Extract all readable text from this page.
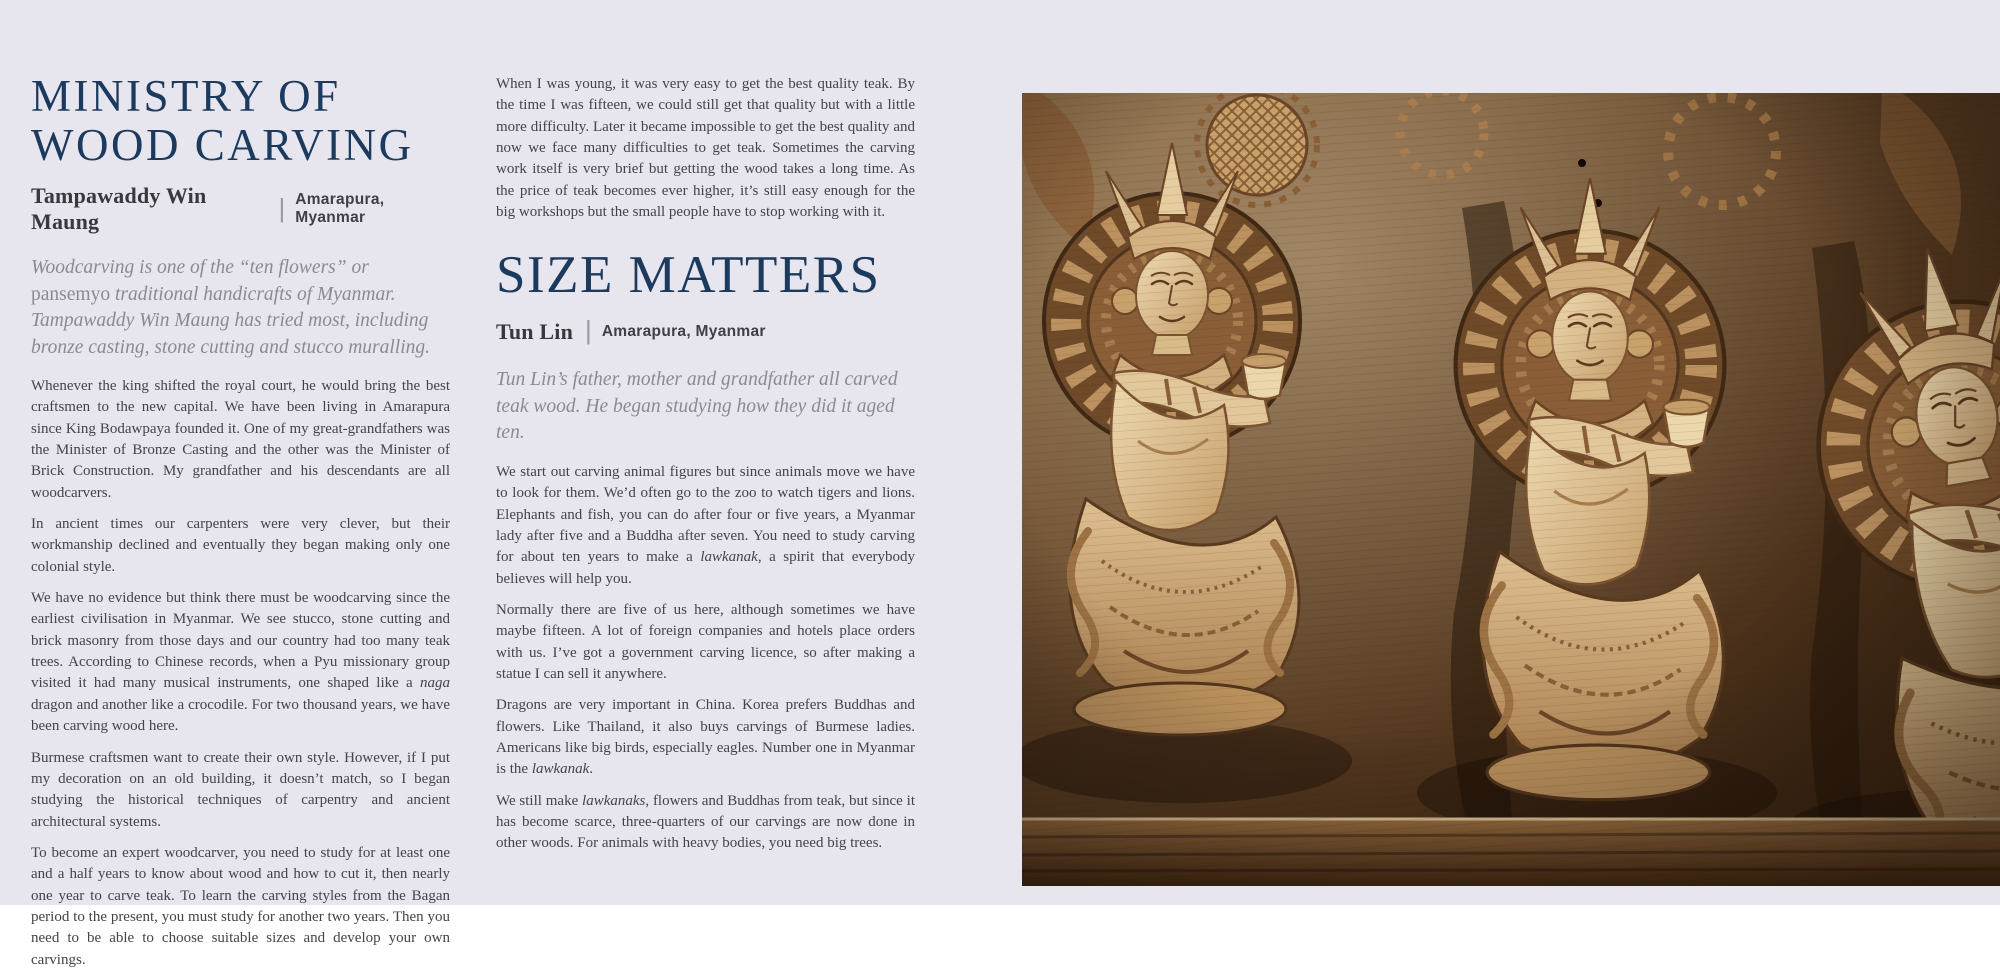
MINISTRY OF
WOOD CARVING
Tampawaddy Win Maung	| Amarapura, Myanmar

Woodcarving is one of the “ten flowers” or pansemyo traditional handicrafts of Myanmar. Tampawaddy Win Maung has tried most, including bronze casting, stone cutting and stucco muralling.

Whenever the king shifted the royal court, he would bring the best craftsmen to the new capital. We have been living in Amarapura since King Bodawpaya founded it. One of my great-grandfathers was the Minister of Bronze Casting and the other was the Minister of Brick Construction. My grandfather and his descendants are all woodcarvers.

In ancient times our carpenters were very clever, but their workmanship declined and eventually they began making only one colonial style.

We have no evidence but think there must be woodcarving since the earliest civilisation in Myanmar. We see stucco, stone cutting and brick masonry from those days and our country had too many teak trees. According to Chinese records, when a Pyu missionary group visited it had many musical instruments, one shaped like a naga dragon and another like a crocodile. For two thousand years, we have been carving wood here.

Burmese craftsmen want to create their own style. However, if I put my decoration on an old building, it doesn’t match, so I began studying the historical techniques of carpentry and ancient architectural systems.

To become an expert woodcarver, you need to study for at least one and a half years to know about wood and how to cut it, then nearly one year to carve teak. To learn the carving styles from the Bagan period to the present, you must study for another two years. Then you need to be able to choose suitable sizes and develop your own carvings.

When I was young, it was very easy to get the best quality teak. By the time I was fifteen, we could still get that quality but with a little more difficulty. Later it became impossible to get the best quality and now we face many difficulties to get teak. Sometimes the carving work itself is very brief but getting the wood takes a long time. As the price of teak becomes ever higher, it’s still easy enough for the big workshops but the small people have to stop working with it.

SIZE MATTERS
Tun Lin | Amarapura, Myanmar

Tun Lin’s father, mother and grandfather all carved teak wood. He began studying how they did it aged ten.

We start out carving animal figures but since animals move we have to look for them. We’d often go to the zoo to watch tigers and lions. Elephants and fish, you can do after four or five years, a Myanmar lady after five and a Buddha after seven. You need to study carving for about ten years to make a lawkanak, a spirit that everybody believes will help you.

Normally there are five of us here, although sometimes we have maybe fifteen. A lot of foreign companies and hotels place orders with us. I’ve got a government carving licence, so after making a statue I can sell it anywhere.

Dragons are very important in China. Korea prefers Buddhas and flowers. Like Thailand, it also buys carvings of Burmese ladies. Americans like big birds, especially eagles. Number one in Myanmar is the lawkanak.

We still make lawkanaks, flowers and Buddhas from teak, but since it has become scarce, three-quarters of our carvings are now done in other woods. For animals with heavy bodies, you need big trees.
